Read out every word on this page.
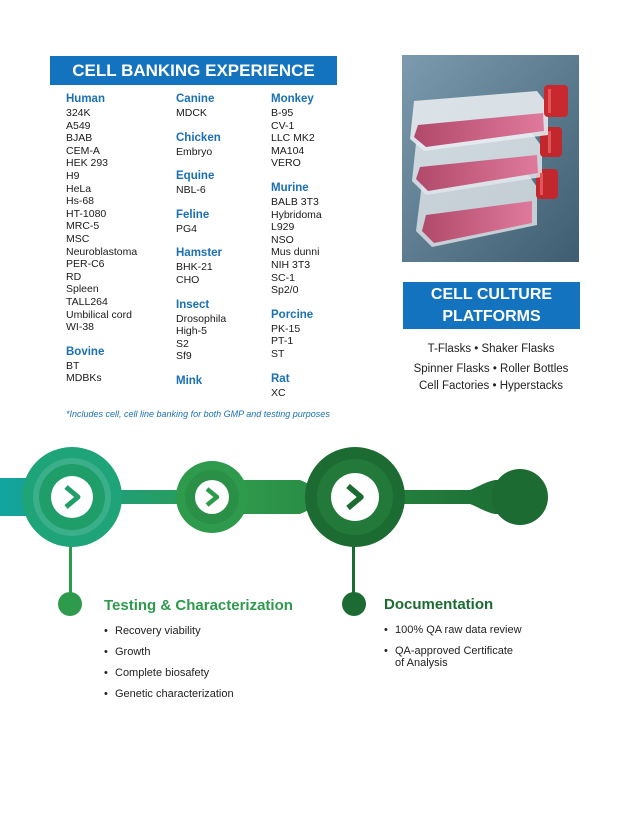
CELL BANKING EXPERIENCE
Human
324K
A549
BJAB
CEM-A
HEK 293
H9
HeLa
Hs-68
HT-1080
MRC-5
MSC
Neuroblastoma
PER-C6
RD
Spleen
TALL264
Umbilical cord
WI-38
Bovine
BT
MDBKs
Canine
MDCK
Chicken
Embryo
Equine
NBL-6
Feline
PG4
Hamster
BHK-21
CHO
Insect
Drosophila
High-5
S2
Sf9
Mink
Monkey
B-95
CV-1
LLC MK2
MA104
VERO
Murine
BALB 3T3
Hybridoma
L929
NSO
Mus dunni
NIH 3T3
SC-1
Sp2/0
Porcine
PK-15
PT-1
ST
Rat
XC
*Includes cell, cell line banking for both GMP and testing purposes
CELL CULTURE
PLATFORMS
T-Flasks • Shaker Flasks
Spinner Flasks • Roller Bottles
Cell Factories • Hyperstacks
Testing & Characterization
• Recovery viability
• Growth
• Complete biosafety
• Genetic characterization
Documentation
• 100% QA raw data review
• QA-approved Certificate
of Analysis
